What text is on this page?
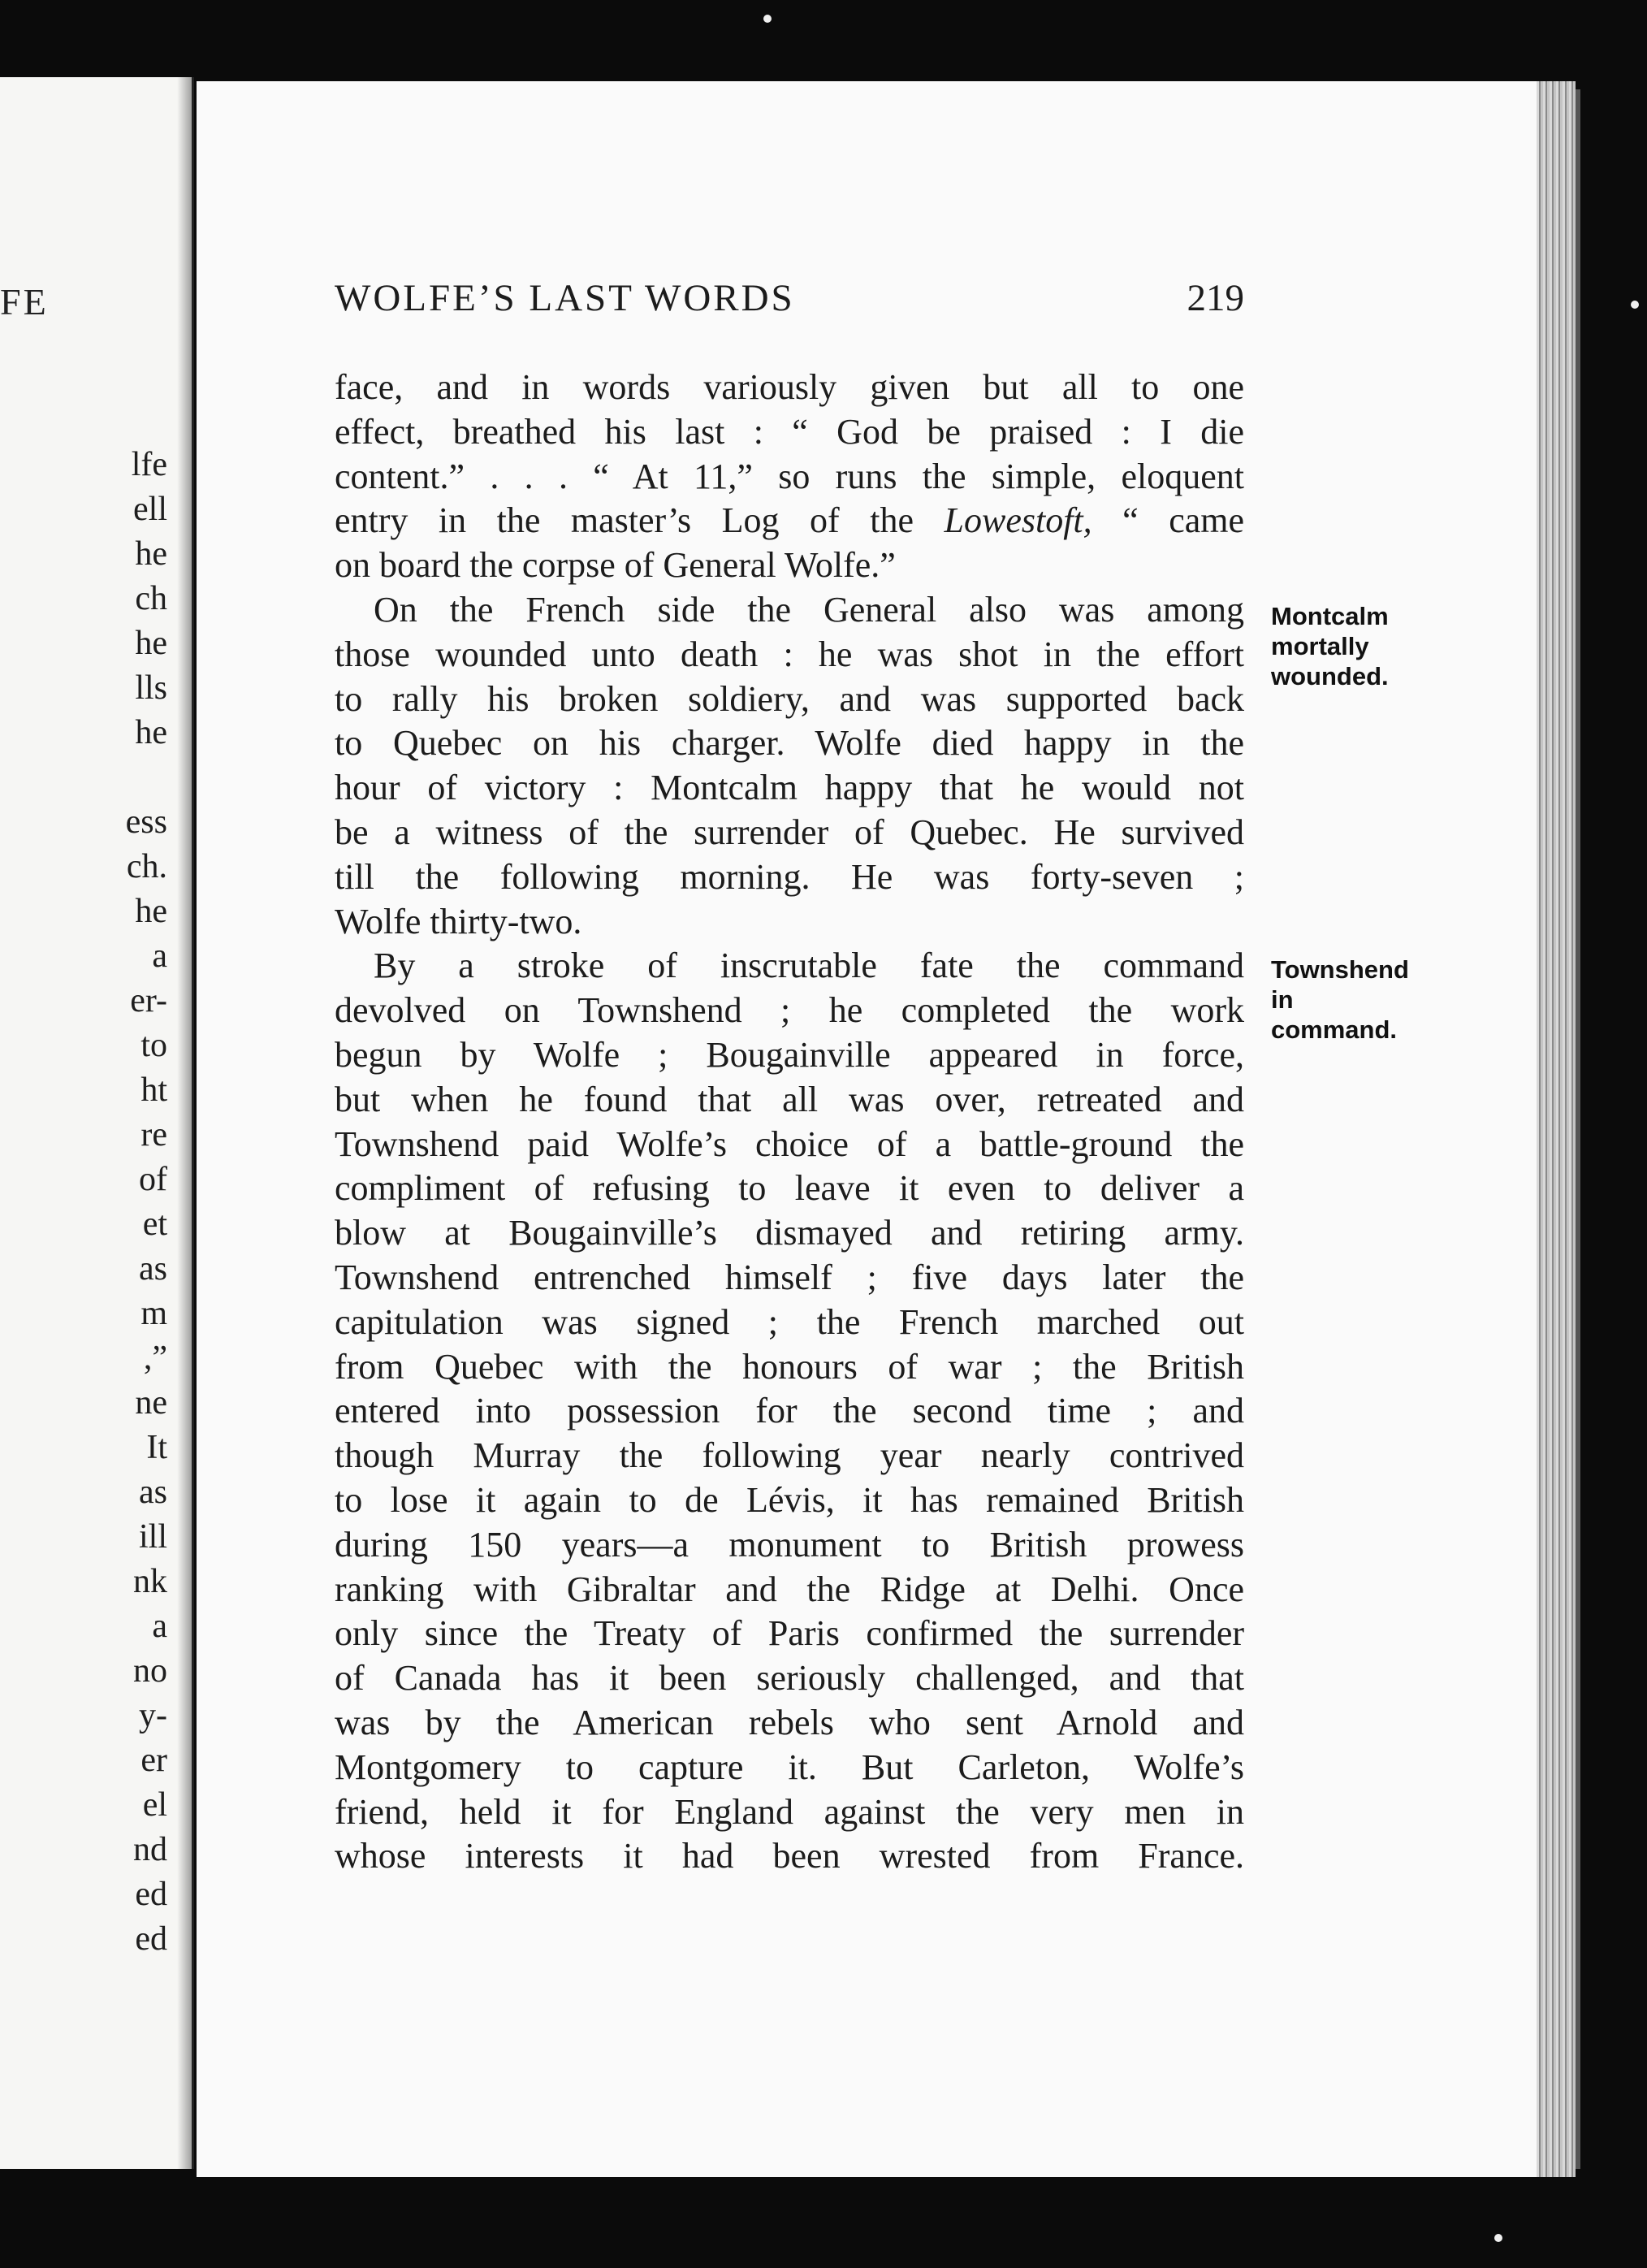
FE
lfe
ell
he
ch
he
lls
he
ess
ch.
he
a
er-
to
ht
re
of
et
as
m
,”
ne
It
as
ill
nk
a
no
y-
er
el
nd
ed
ed
WOLFE’S LAST WORDS	219

face, and in words variously given but all to one
effect, breathed his last : “ God be praised : I die
content.” . . . “ At 11,” so runs the simple, eloquent
entry in the master’s Log of the Lowestoft, “ came
on board the corpse of General Wolfe.”
On the French side the General also was among
those wounded unto death : he was shot in the effort
to rally his broken soldiery, and was supported back
to Quebec on his charger. Wolfe died happy in the
hour of victory : Montcalm happy that he would not
be a witness of the surrender of Quebec. He survived
till the following morning. He was forty-seven ;
Wolfe thirty-two.
By a stroke of inscrutable fate the command
devolved on Townshend ; he completed the work
begun by Wolfe ; Bougainville appeared in force,
but when he found that all was over, retreated and
Townshend paid Wolfe’s choice of a battle-ground the
compliment of refusing to leave it even to deliver a
blow at Bougainville’s dismayed and retiring army.
Townshend entrenched himself ; five days later the
capitulation was signed ; the French marched out
from Quebec with the honours of war ; the British
entered into possession for the second time ; and
though Murray the following year nearly contrived
to lose it again to de Lévis, it has remained British
during 150 years—a monument to British prowess
ranking with Gibraltar and the Ridge at Delhi. Once
only since the Treaty of Paris confirmed the surrender
of Canada has it been seriously challenged, and that
was by the American rebels who sent Arnold and
Montgomery to capture it. But Carleton, Wolfe’s
friend, held it for England against the very men in
whose interests it had been wrested from France.

Montcalm
mortally
wounded.

Townshend
in
command.
